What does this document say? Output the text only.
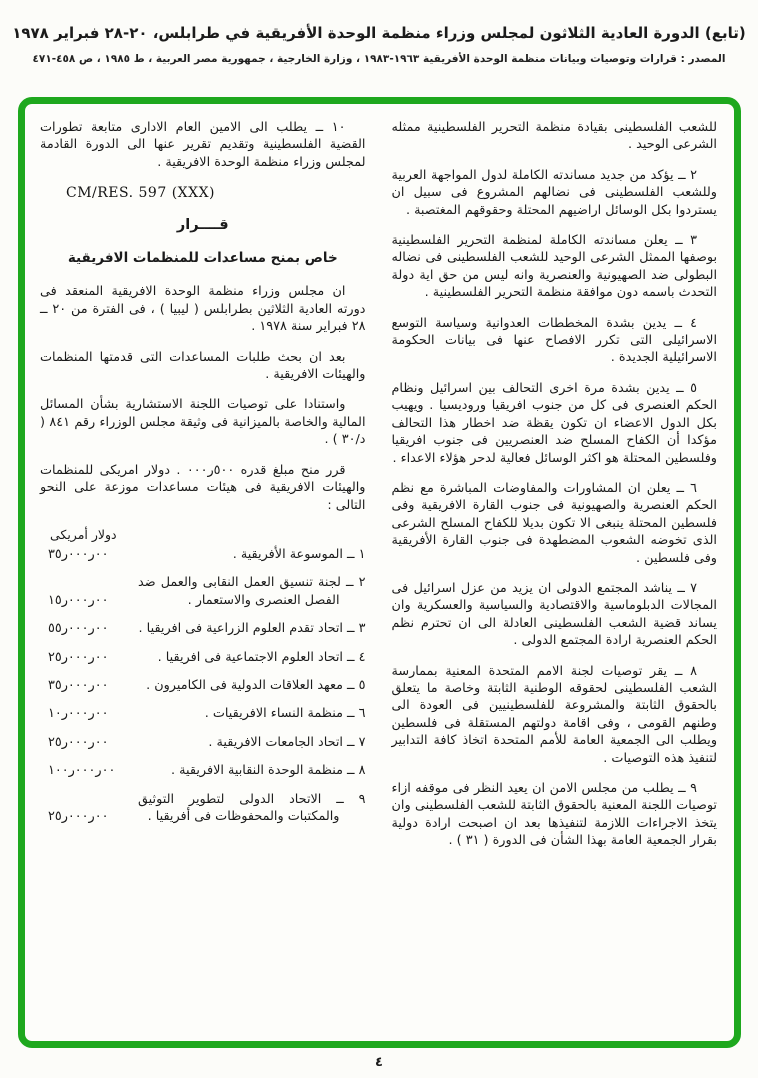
(تابع) الدورة العادية الثلاثون لمجلس وزراء منظمة الوحدة الأفريقية في طرابلس، ٢٠-٢٨ فبراير ١٩٧٨
المصدر : قرارات وتوصيات وبيانات منظمة الوحدة الأفريقية ١٩٦٣-١٩٨٣ ، وزارة الخارجية ، جمهورية مصر العربية ، ط ١٩٨٥ ، ص ٤٥٨-٤٧١

للشعب الفلسطينى بقيادة منظمة التحرير الفلسطينية ممثله الشرعى الوحيد .

٢ ــ يؤكد من جديد مساندته الكاملة لدول المواجهة العربية وللشعب الفلسطينى فى نضالهم المشروع فى سبيل ان يستردوا بكل الوسائل اراضيهم المحتلة وحقوقهم المغتصبة .

٣ ــ يعلن مساندته الكاملة لمنظمة التحرير الفلسطينية بوصفها الممثل الشرعى الوحيد للشعب الفلسطينى فى نضاله البطولى ضد الصهيونية والعنصرية وانه ليس من حق اية دولة التحدث باسمه دون موافقة منظمة التحرير الفلسطينية .

٤ ــ يدين بشدة المخططات العدوانية وسياسة التوسع الاسرائيلى التى تكرر الافصاح عنها فى بيانات الحكومة الاسرائيلية الجديدة .

٥ ــ يدين بشدة مرة اخرى التحالف بين اسرائيل ونظام الحكم العنصرى فى كل من جنوب افريقيا وروديسيا . ويهيب بكل الدول الاعضاء ان تكون يقظة ضد اخطار هذا التحالف مؤكدا أن الكفاح المسلح ضد العنصريين فى جنوب افريقيا وفلسطين المحتلة هو اكثر الوسائل فعالية لدحر هؤلاء الاعداء .

٦ ــ يعلن ان المشاورات والمفاوضات المباشرة مع نظم الحكم العنصرية والصهيونية فى جنوب القارة الافريقية وفى فلسطين المحتلة ينبغى الا تكون بديلا للكفاح المسلح الشرعى الذى تخوضه الشعوب المضطهدة فى جنوب القارة الأفريقية وفى فلسطين .

٧ ــ يناشد المجتمع الدولى ان يزيد من عزل اسرائيل فى المجالات الدبلوماسية والاقتصادية والسياسية والعسكرية وان يساند قضية الشعب الفلسطينى العادلة الى ان تحترم نظم الحكم العنصرية ارادة المجتمع الدولى .

٨ ــ يقر توصيات لجنة الامم المتحدة المعنية بممارسة الشعب الفلسطينى لحقوقه الوطنية الثابتة وخاصة ما يتعلق بالحقوق الثابتة والمشروعة للفلسطينيين فى العودة الى وطنهم القومى ، وفى اقامة دولتهم المستقلة فى فلسطين ويطلب الى الجمعية العامة للأمم المتحدة اتخاذ كافة التدابير لتنفيذ هذه التوصيات .

٩ ــ يطلب من مجلس الامن ان يعيد النظر فى موقفه ازاء توصيات اللجنة المعنية بالحقوق الثابتة للشعب الفلسطينى وان يتخذ الاجراءات اللازمة لتنفيذها بعد ان اصبحت ارادة دولية بقرار الجمعية العامة بهذا الشأن فى الدورة ( ٣١ ) .

١٠ ــ يطلب الى الامين العام الادارى متابعة تطورات القضية الفلسطينية وتقديم تقرير عنها الى الدورة القادمة لمجلس وزراء منظمة الوحدة الافريقية .

CM/RES. 597 (XXX)
قــــرار
خاص بمنح مساعدات للمنظمات الافريقية

ان مجلس وزراء منظمة الوحدة الافريقية المنعقد فى دورته العادية الثلاثين بطرابلس ( ليبيا ) ، فى الفترة من ٢٠ ــ ٢٨ فبراير سنة ١٩٧٨ .

بعد ان بحث طلبات المساعدات التى قدمتها المنظمات والهيئات الافريقية .

واستنادا على توصيات اللجنة الاستشارية بشأن المسائل المالية والخاصة بالميزانية فى وثيقة مجلس الوزراء رقم ٨٤١ ( د/٣٠ ) .

قرر منح مبلغ قدره ٥٠٠ر٠٠٠ . دولار امريكى للمنظمات والهيئات الافريقية فى هيئات مساعدات موزعة على النحو التالى :

دولار أمريكى
١ ــ الموسوعة الأفريقية .
٣٥ر٠٠٠ر٠٠
٢ ــ لجنة تنسيق العمل النقابى والعمل ضد الفصل العنصرى والاستعمار .
١٥ر٠٠٠ر٠٠
٣ ــ اتحاد تقدم العلوم الزراعية فى افريقيا .
٥٥ر٠٠٠ر٠٠
٤ ــ اتحاد العلوم الاجتماعية فى افريقيا .
٢٥ر٠٠٠ر٠٠
٥ ــ معهد العلاقات الدولية فى الكاميرون .
٣٥ر٠٠٠ر٠٠
٦ ــ منظمة النساء الافريقيات .
١٠ر٠٠٠ر٠٠
٧ ــ اتحاد الجامعات الافريقية .
٢٥ر٠٠٠ر٠٠
٨ ــ منظمة الوحدة النقابية الافريقية .
١٠٠ر٠٠٠ر٠٠
٩ ــ الاتحاد الدولى لتطوير التوثيق والمكتبات والمحفوظات فى أفريقيا .
٢٥ر٠٠٠ر٠٠
٤
